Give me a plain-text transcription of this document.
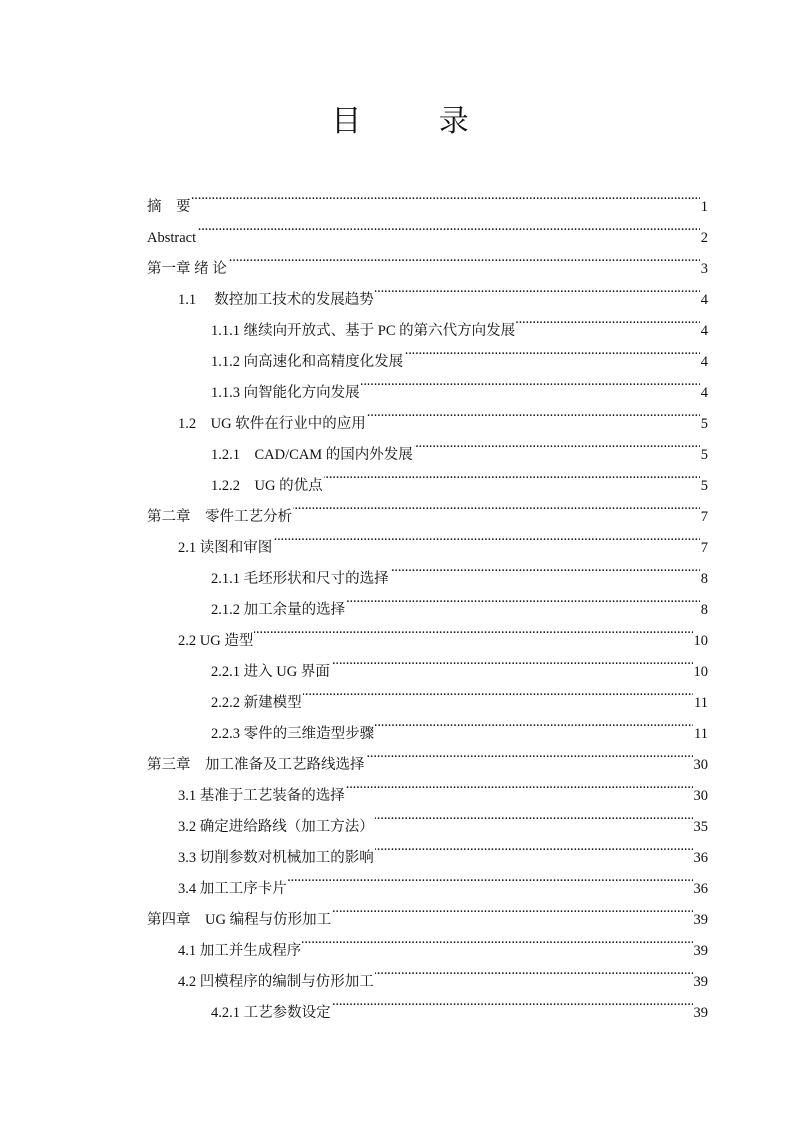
目 录
摘　要 . . .	1
Abstract . . .	2
第一章 绪 论 . . .	3
1.1　 数控加工技术的发展趋势 . . .	4
1.1.1 继续向开放式、基于 PC 的第六代方向发展 . . .	4
1.1.2 向高速化和高精度化发展 . . .	4
1.1.3 向智能化方向发展 . . .	4
1.2　UG 软件在行业中的应用 . . .	5
1.2.1　CAD/CAM 的国内外发展 . . .	5
1.2.2　UG 的优点 . . .	5
第二章　零件工艺分析 . . .	7
2.1 读图和审图 . . .	7
2.1.1 毛坯形状和尺寸的选择 . . .	8
2.1.2 加工余量的选择 . . .	8
2.2 UG 造型 . . .	10
2.2.1 进入 UG 界面 . . .	10
2.2.2 新建模型 . . .	11
2.2.3 零件的三维造型步骤 . . .	11
第三章　加工准备及工艺路线选择 . . .	30
3.1 基准于工艺装备的选择 . . .	30
3.2 确定进给路线（加工方法） . . .	35
3.3 切削参数对机械加工的影响 . . .	36
3.4 加工工序卡片 . . .	36
第四章　UG 编程与仿形加工 . . .	39
4.1 加工并生成程序 . . .	39
4.2 凹模程序的编制与仿形加工 . . .	39
4.2.1 工艺参数设定 . . .	39
